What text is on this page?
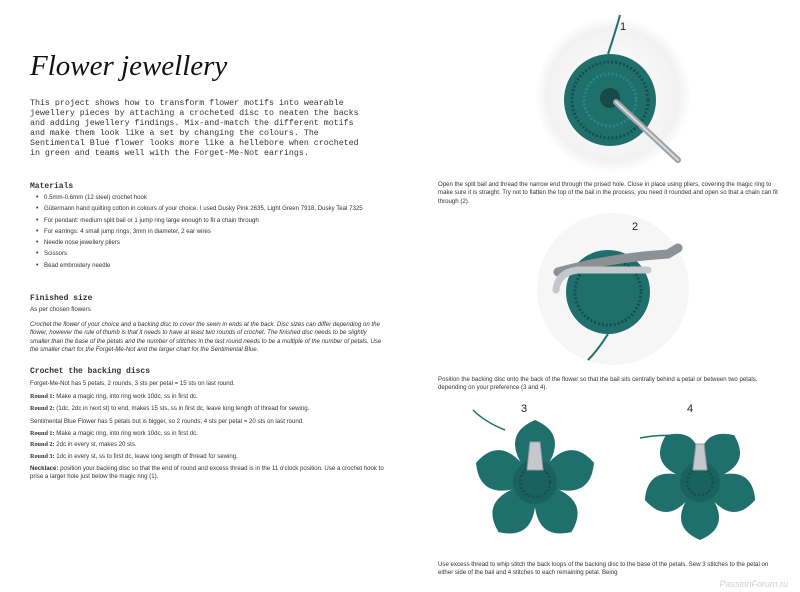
Flower jewellery
This project shows how to transform flower motifs into wearable jewellery pieces by attaching a crocheted disc to neaten the backs and adding jewellery findings. Mix-and-match the different motifs and make them look like a set by changing the colours. The Sentimental Blue flower looks more like a hellebore when crocheted in green and teams well with the Forget-Me-Not earrings.
Materials
• 0.5mm-0.6mm (12 steel) crochet hook
• Gütermann hand quilting cotton in colours of your choice. I used Dusky Pink 2635, Light Green 7918, Dusky Teal 7325
• For pendant: medium split bail or 1 jump ring large enough to fit a chain through
• For earrings: 4 small jump rings, 3mm in diameter, 2 ear wires
• Needle nose jewellery pliers
• Scissors
• Bead embroidery needle
Finished size
As per chosen flowers
Crochet the flower of your choice and a backing disc to cover the sewn in ends at the back. Disc sizes can differ depending on the flower, however the rule of thumb is that it needs to have at least two rounds of crochet. The finished disc needs to be slightly smaller than the base of the petals and the number of stitches in the last round needs to be a multiple of the number of petals. Use the smaller chart for the Forget-Me-Not and the larger chart for the Sentimental Blue.
Crochet the backing discs
Forget-Me-Not has 5 petals, 2 rounds, 3 sts per petal = 15 sts on last round.
Round 1: Make a magic ring, into ring work 10dc, ss in first dc.
Round 2: (1dc, 2dc in next st) to end, makes 15 sts, ss in first dc, leave long length of thread for sewing.
Sentimental Blue Flower has 5 petals but is bigger, so 2 rounds, 4 sts per petal = 20 sts on last round.
Round 1: Make a magic ring, into ring work 10dc, ss in first dc.
Round 2: 2dc in every st, makes 20 sts.
Round 3: 1dc in every st, ss to first dc, leave long length of thread for sewing.
Necklace: position your backing disc so that the end of round and excess thread is in the 11 o'clock position. Use a crochet hook to prise a larger hole just below the magic ring (1).
1
Open the split bail and thread the narrow end through the prised hole. Close in place using pliers, covering the magic ring to make sure it is straight. Try not to flatten the top of the bail in the process, you need it rounded and open so that a chain can fit through (2).
2
Position the backing disc onto the back of the flower so that the bail sits centrally behind a petal or between two petals, depending on your preference (3 and 4).
3	4
Use excess thread to whip stitch the back loops of the backing disc to the base of the petals. Sew 3 stitches to the petal on either side of the bail and 4 stitches to each remaining petal. Being
PassionForum.ru
